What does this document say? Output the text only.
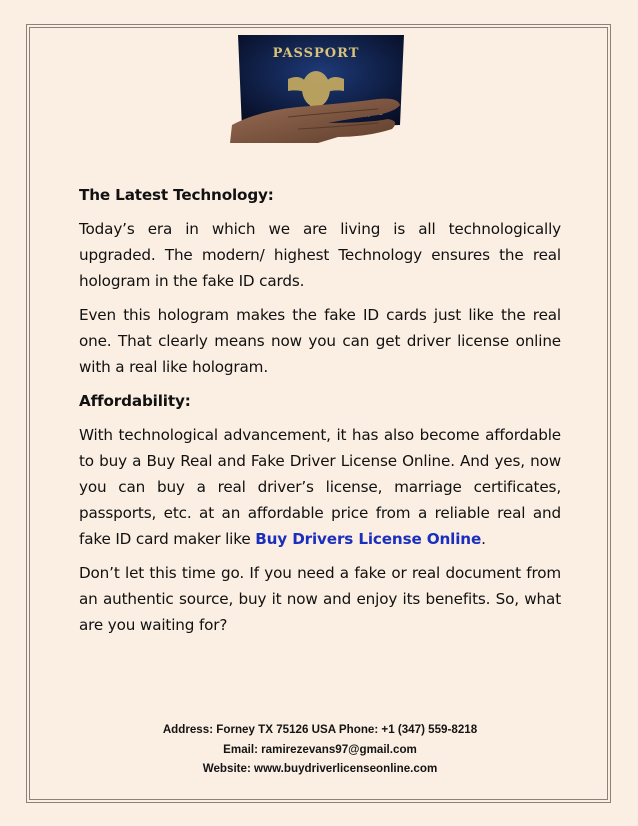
PASSPORT
The Latest Technology:

Today’s era in which we are living is all technologically upgraded. The modern/ highest Technology ensures the real hologram in the fake ID cards.

Even this hologram makes the fake ID cards just like the real one. That clearly means now you can get driver license online with a real like hologram.

Affordability:

With technological advancement, it has also become affordable to buy a Buy Real and Fake Driver License Online. And yes, now you can buy a real driver’s license, marriage certificates, passports, etc. at an affordable price from a reliable real and fake ID card maker like Buy Drivers License Online.

Don’t let this time go. If you need a fake or real document from an authentic source, buy it now and enjoy its benefits. So, what are you waiting for?

Address: Forney TX 75126 USA Phone: +1 (347) 559-8218
Email: ramirezevans97@gmail.com
Website: www.buydriverlicenseonline.com
